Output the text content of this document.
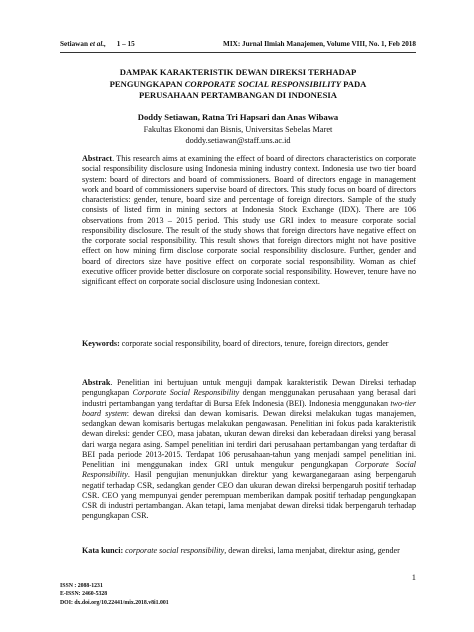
Setiawan et al., 1 – 15	MIX: Jurnal Ilmiah Manajemen, Volume VIII, No. 1, Feb 2018
DAMPAK KARAKTERISTIK DEWAN DIREKSI TERHADAP
PENGUNGKAPAN CORPORATE SOCIAL RESPONSIBILITY PADA
PERUSAHAAN PERTAMBANGAN DI INDONESIA
Doddy Setiawan, Ratna Tri Hapsari dan Anas Wibawa
Fakultas Ekonomi dan Bisnis, Universitas Sebelas Maret
doddy.setiawan@staff.uns.ac.id
Abstract. This research aims at examining the effect of board of directors characteristics on corporate social responsibility disclosure using Indonesia mining industry context. Indonesia use two tier board system: board of directors and board of commissioners. Board of directors engage in management work and board of commissioners supervise board of directors. This study focus on board of directors characteristics: gender, tenure, board size and percentage of foreign directors. Sample of the study consists of listed firm in mining sectors at Indonesia Stock Exchange (IDX). There are 106 observations from 2013 – 2015 period. This study use GRI index to measure corporate social responsibility disclosure. The result of the study shows that foreign directors have negative effect on the corporate social responsibility. This result shows that foreign directors might not have positive effect on how mining firm disclose corporate social responsibility disclosure. Further, gender and board of directors size have positive effect on corporate social responsibility. Woman as chief executive officer provide better disclosure on corporate social responsibility. However, tenure have no significant effect on corporate social disclosure using Indonesian context.
Keywords: corporate social responsibility, board of directors, tenure, foreign directors, gender
Abstrak. Penelitian ini bertujuan untuk menguji dampak karakteristik Dewan Direksi terhadap pengungkapan Corporate Social Responsibility dengan menggunakan perusahaan yang berasal dari industri pertambangan yang terdaftar di Bursa Efek Indonesia (BEI). Indonesia menggunakan two-tier board system: dewan direksi dan dewan komisaris. Dewan direksi melakukan tugas manajemen, sedangkan dewan komisaris bertugas melakukan pengawasan. Penelitian ini fokus pada karakteristik dewan direksi: gender CEO, masa jabatan, ukuran dewan direksi dan keberadaan direksi yang berasal dari warga negara asing. Sampel penelitian ini terdiri dari perusahaan pertambangan yang terdaftar di BEI pada periode 2013-2015. Terdapat 106 perusahaan-tahun yang menjadi sampel penelitian ini. Penelitian ini menggunakan index GRI untuk mengukur pengungkapan Corporate Social Responsibility. Hasil pengujian menunjukkan direktur yang kewarganegaraan asing berpengaruh negatif terhadap CSR, sedangkan gender CEO dan ukuran dewan direksi berpengaruh positif terhadap CSR. CEO yang mempunyai gender perempuan memberikan dampak positif terhadap pengungkapan CSR di industri pertambangan. Akan tetapi, lama menjabat dewan direksi tidak berpengaruh terhadap pengungkapan CSR.
Kata kunci: corporate social responsibility, dewan direksi, lama menjabat, direktur asing, gender
ISSN : 2088-1231
E-ISSN: 2460-5328
DOI: dx.doi.org/10.22441/mix.2018.v8i1.001
1
